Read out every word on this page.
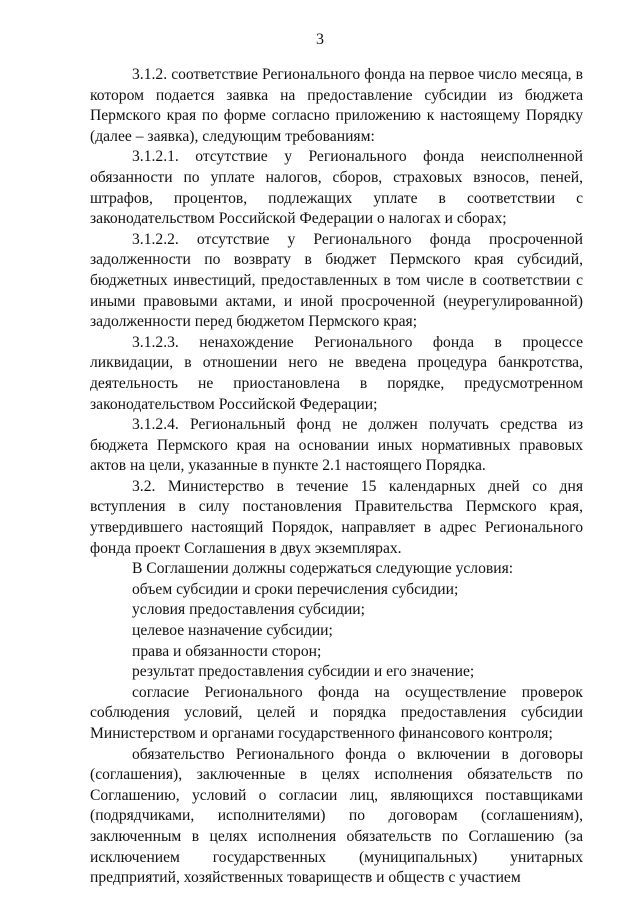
3

3.1.2. соответствие Регионального фонда на первое число месяца, в котором подается заявка на предоставление субсидии из бюджета Пермского края по форме согласно приложению к настоящему Порядку (далее – заявка), следующим требованиям:

3.1.2.1. отсутствие у Регионального фонда неисполненной обязанности по уплате налогов, сборов, страховых взносов, пеней, штрафов, процентов, подлежащих уплате в соответствии с законодательством Российской Федерации о налогах и сборах;

3.1.2.2. отсутствие у Регионального фонда просроченной задолженности по возврату в бюджет Пермского края субсидий, бюджетных инвестиций, предоставленных в том числе в соответствии с иными правовыми актами, и иной просроченной (неурегулированной) задолженности перед бюджетом Пермского края;

3.1.2.3. ненахождение Регионального фонда в процессе ликвидации, в отношении него не введена процедура банкротства, деятельность не приостановлена в порядке, предусмотренном законодательством Российской Федерации;

3.1.2.4. Региональный фонд не должен получать средства из бюджета Пермского края на основании иных нормативных правовых актов на цели, указанные в пункте 2.1 настоящего Порядка.

3.2. Министерство в течение 15 календарных дней со дня вступления в силу постановления Правительства Пермского края, утвердившего настоящий Порядок, направляет в адрес Регионального фонда проект Соглашения в двух экземплярах.

В Соглашении должны содержаться следующие условия:

объем субсидии и сроки перечисления субсидии;

условия предоставления субсидии;

целевое назначение субсидии;

права и обязанности сторон;

результат предоставления субсидии и его значение;

согласие Регионального фонда на осуществление проверок соблюдения условий, целей и порядка предоставления субсидии Министерством и органами государственного финансового контроля;

обязательство Регионального фонда о включении в договоры (соглашения), заключенные в целях исполнения обязательств по Соглашению, условий о согласии лиц, являющихся поставщиками (подрядчиками, исполнителями) по договорам (соглашениям), заключенным в целях исполнения обязательств по Соглашению (за исключением государственных (муниципальных) унитарных предприятий, хозяйственных товариществ и обществ с участием
